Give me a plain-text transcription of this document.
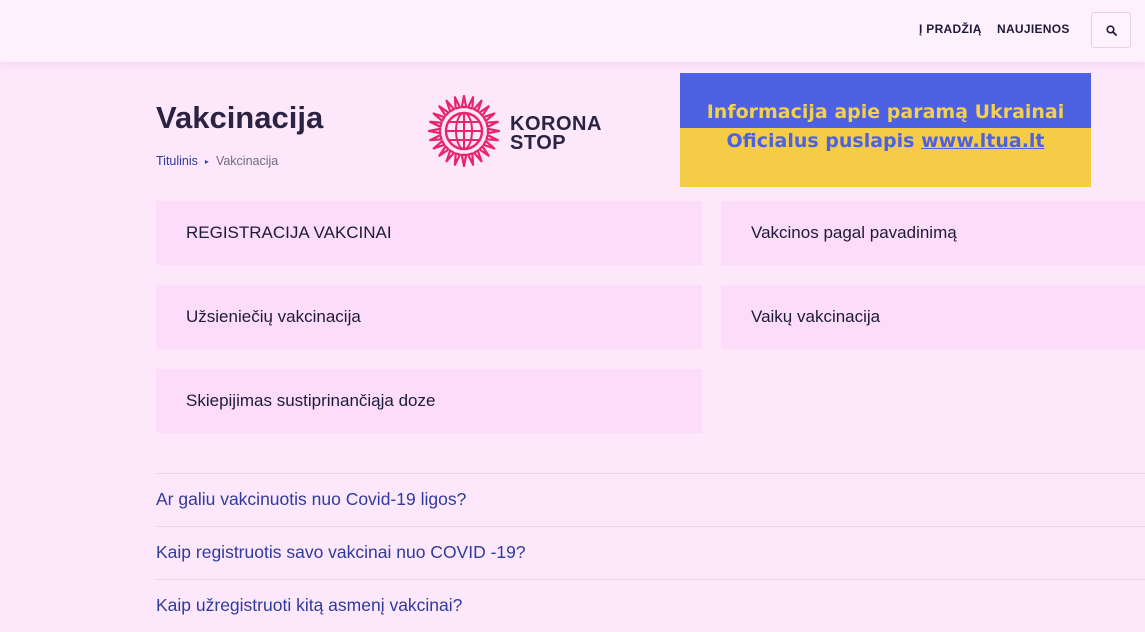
Į PRADŽIĄ NAUJIENOS
Vakcinacija
Titulinis ▸ Vakcinacija
KORONA
STOP
Informacija apie paramą Ukrainai
Oficialus puslapis www.ltua.lt
REGISTRACIJA VAKCINAI	Vakcinos pagal pavadinimą
Užsieniečių vakcinacija	Vaikų vakcinacija
Skiepijimas sustiprinančiąja doze
Ar galiu vakcinuotis nuo Covid-19 ligos?
Kaip registruotis savo vakcinai nuo COVID -19?
Kaip užregistruoti kitą asmenį vakcinai?
